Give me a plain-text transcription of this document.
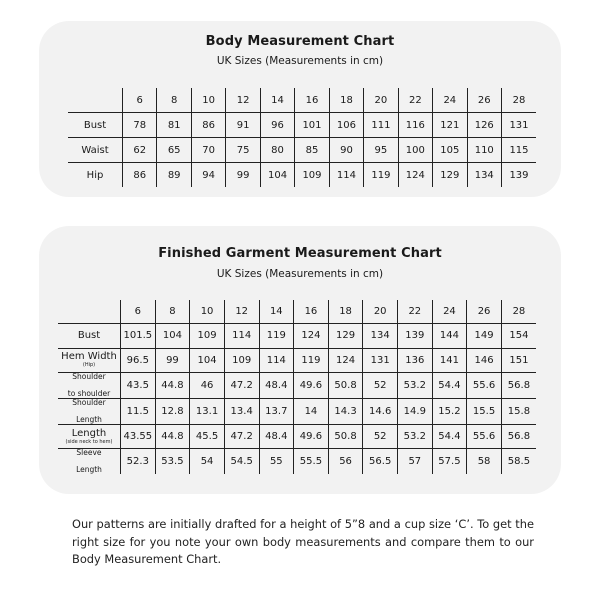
Body Measurement Chart
UK Sizes (Measurements in cm)
	6	8	10	12	14	16	18	20	22	24	26	28
Bust	78	81	86	91	96	101	106	111	116	121	126	131
Waist	62	65	70	75	80	85	90	95	100	105	110	115
Hip	86	89	94	99	104	109	114	119	124	129	134	139
Finished Garment Measurement Chart
UK Sizes (Measurements in cm)
	6	8	10	12	14	16	18	20	22	24	26	28
Bust	101.5	104	109	114	119	124	129	134	139	144	149	154

Hem Width
(Hip)	96.5	99	104	109	114	119	124	131	136	141	146	151

Shoulder

to shoulder	43.5	44.8	46	47.2	48.4	49.6	50.8	52	53.2	54.4	55.6	56.8

Shoulder

Length	11.5	12.8	13.1	13.4	13.7	14	14.3	14.6	14.9	15.2	15.5	15.8

Length
(side neck to hem)	43.55	44.8	45.5	47.2	48.4	49.6	50.8	52	53.2	54.4	55.6	56.8

Sleeve

Length	52.3	53.5	54	54.5	55	55.5	56	56.5	57	57.5	58	58.5
Our patterns are initially drafted for a height of 5”8 and a cup size ‘C’. To get the right size for you note your own body measurements and compare them to our Body Measurement Chart.
